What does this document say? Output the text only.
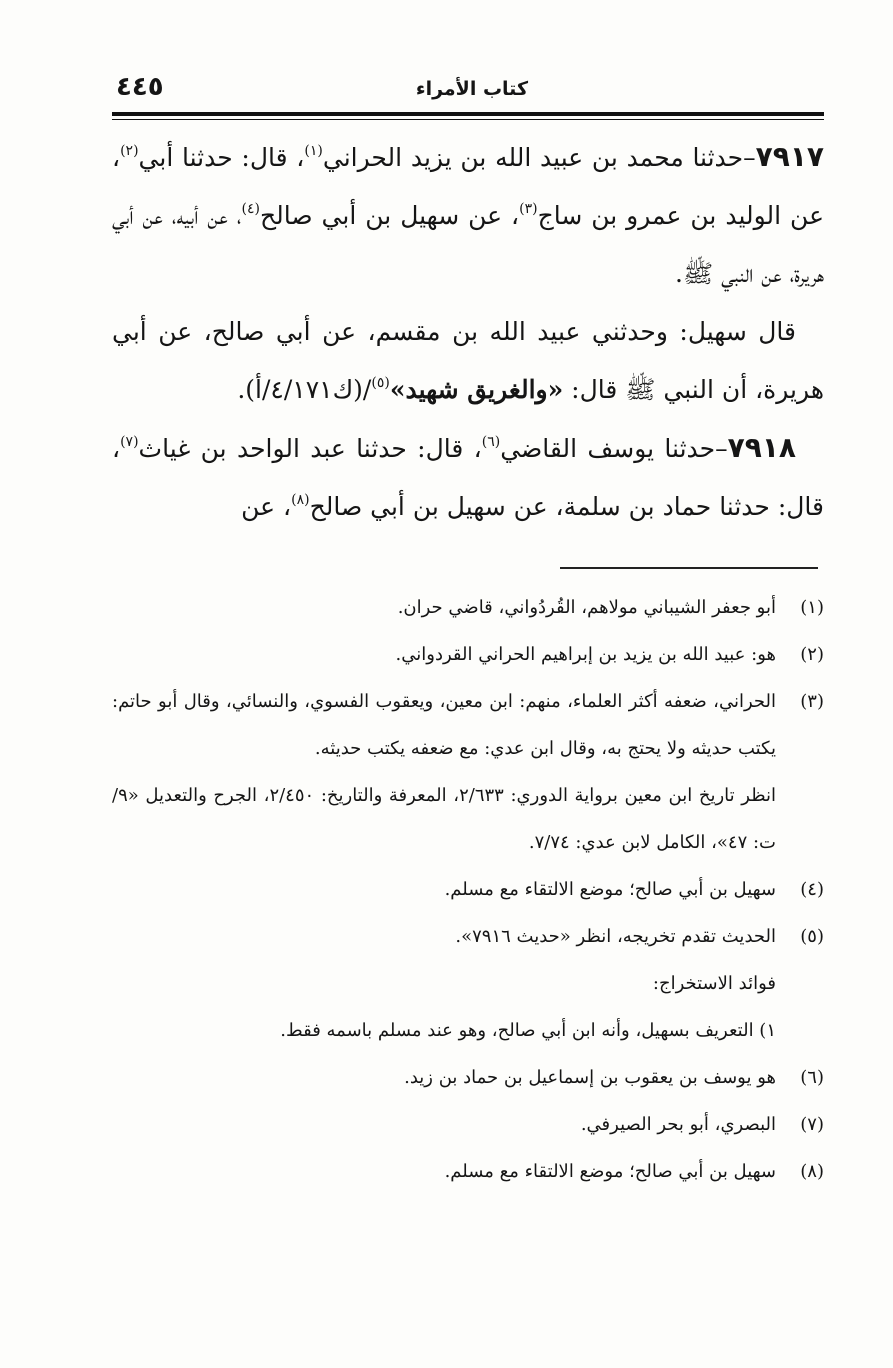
كتاب الأمراء
٤٤٥

٧٩١٧–حدثنا محمد بن عبيد الله بن يزيد الحراني$^{(١)}$، قال: حدثنا أبي$^{(٢)}$، عن الوليد بن عمرو بن ساج$^{(٣)}$، عن سهيل بن أبي صالح$^{(٤)}$، عن أبيه، عن أبي هريرة، عن النبي ﷺ.

قال سهيل: وحدثني عبيد الله بن مقسم، عن أبي صالح، عن أبي هريرة، أن النبي ﷺ قال: «والغريق شهيد»$^{(٥)}$/(ك٤/١٧١/أ).

٧٩١٨–حدثنا يوسف القاضي$^{(٦)}$، قال: حدثنا عبد الواحد بن غياث$^{(٧)}$، قال: حدثنا حماد بن سلمة، عن سهيل بن أبي صالح$^{(٨)}$، عن

(١)
أبو جعفر الشيباني مولاهم، القُردُواني، قاضي حران.
(٢)
هو: عبيد الله بن يزيد بن إبراهيم الحراني القردواني.
(٣)
الحراني، ضعفه أكثر العلماء، منهم: ابن معين، ويعقوب الفسوي، والنسائي، وقال أبو حاتم: يكتب حديثه ولا يحتج به، وقال ابن عدي: مع ضعفه يكتب حديثه.
انظر تاريخ ابن معين برواية الدوري: ٢/٦٣٣، المعرفة والتاريخ: ٢/٤٥٠، الجرح والتعديل «٩/ت: ٤٧»، الكامل لابن عدي: ٧/٧٤.
(٤)
سهيل بن أبي صالح؛ موضع الالتقاء مع مسلم.
(٥)
الحديث تقدم تخريجه، انظر «حديث ٧٩١٦».
فوائد الاستخراج:
١) التعريف بسهيل، وأنه ابن أبي صالح، وهو عند مسلم باسمه فقط.
(٦)
هو يوسف بن يعقوب بن إسماعيل بن حماد بن زيد.
(٧)
البصري، أبو بحر الصيرفي.
(٨)
سهيل بن أبي صالح؛ موضع الالتقاء مع مسلم.
